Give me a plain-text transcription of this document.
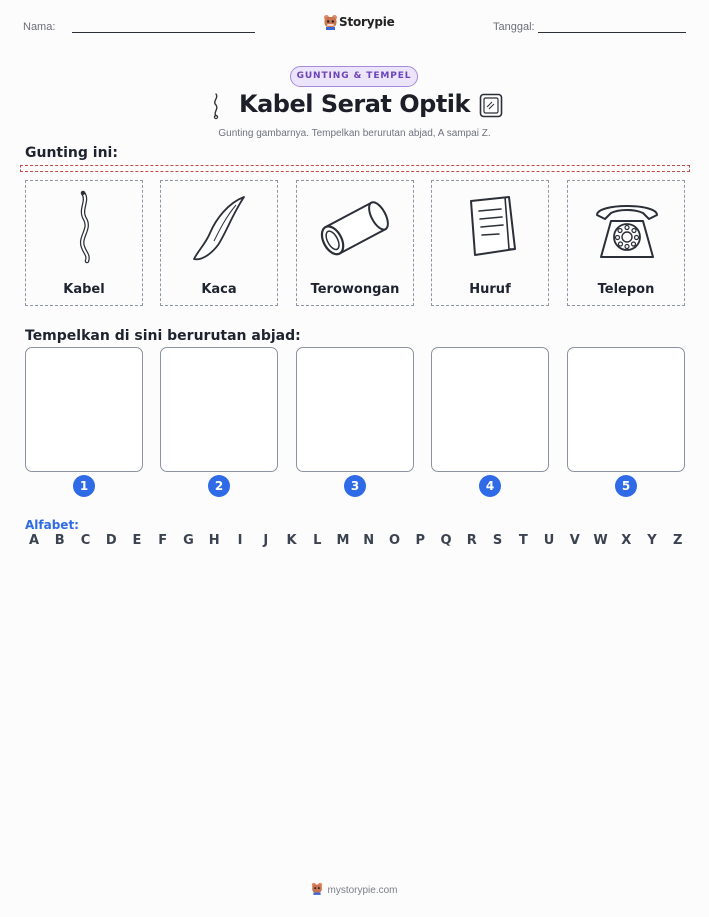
Nama:	Storypie	Tanggal:
GUNTING & TEMPEL
Kabel Serat Optik
Gunting gambarnya. Tempelkan berurutan abjad, A sampai Z.
Gunting ini:
Kabel	Kaca	Terowongan	Huruf	Telepon
Tempelkan di sini berurutan abjad:
1	2	3	4	5
Alfabet:
A B C D E F G H	I	J	K L M N O P Q R S T U V W X Y Z
mystorypie.com
